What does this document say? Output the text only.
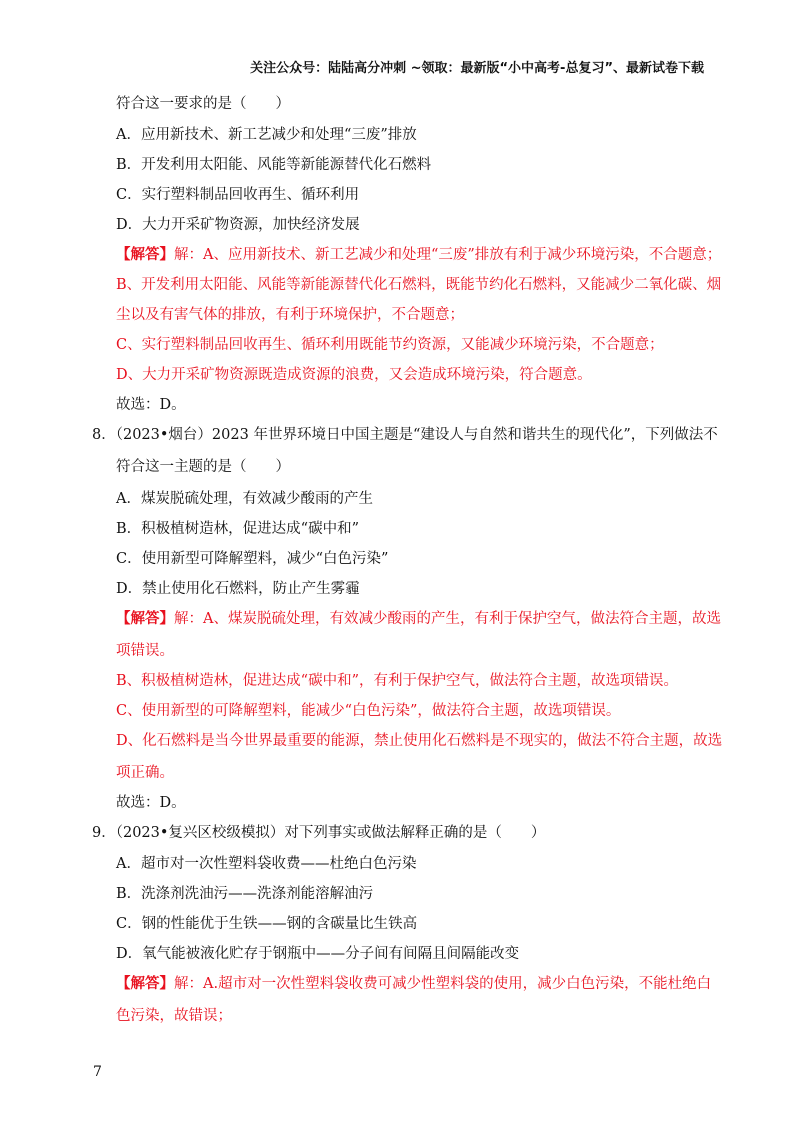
关注公众号：陆陆高分冲刺 ~领取：最新版“小中高考-总复习”、最新试卷下载
符合这一要求的是（　　）
A．应用新技术、新工艺减少和处理“三废”排放
B．开发利用太阳能、风能等新能源替代化石燃料
C．实行塑料制品回收再生、循环利用
D．大力开采矿物资源，加快经济发展
【解答】解：A、应用新技术、新工艺减少和处理“三废”排放有利于减少环境污染，不合题意；
B、开发利用太阳能、风能等新能源替代化石燃料，既能节约化石燃料，又能减少二氧化碳、烟
尘以及有害气体的排放，有利于环境保护，不合题意；
C、实行塑料制品回收再生、循环利用既能节约资源，又能减少环境污染，不合题意；
D、大力开采矿物资源既造成资源的浪费，又会造成环境污染，符合题意。
故选：D。
8．（2023•烟台）2023 年世界环境日中国主题是“建设人与自然和谐共生的现代化”，下列做法不
符合这一主题的是（　　）
A．煤炭脱硫处理，有效减少酸雨的产生
B．积极植树造林，促进达成“碳中和”
C．使用新型可降解塑料，减少“白色污染”
D．禁止使用化石燃料，防止产生雾霾
【解答】解：A、煤炭脱硫处理，有效减少酸雨的产生，有利于保护空气，做法符合主题，故选
项错误。
B、积极植树造林，促进达成“碳中和”，有利于保护空气，做法符合主题，故选项错误。
C、使用新型的可降解塑料，能减少“白色污染”，做法符合主题，故选项错误。
D、化石燃料是当今世界最重要的能源，禁止使用化石燃料是不现实的，做法不符合主题，故选
项正确。
故选：D。
9．（2023•复兴区校级模拟）对下列事实或做法解释正确的是（　　）
A．超市对一次性塑料袋收费——杜绝白色污染
B．洗涤剂洗油污——洗涤剂能溶解油污
C．钢的性能优于生铁——钢的含碳量比生铁高
D．氧气能被液化贮存于钢瓶中——分子间有间隔且间隔能改变
【解答】解：A.超市对一次性塑料袋收费可减少性塑料袋的使用，减少白色污染，不能杜绝白
色污染，故错误；
7
